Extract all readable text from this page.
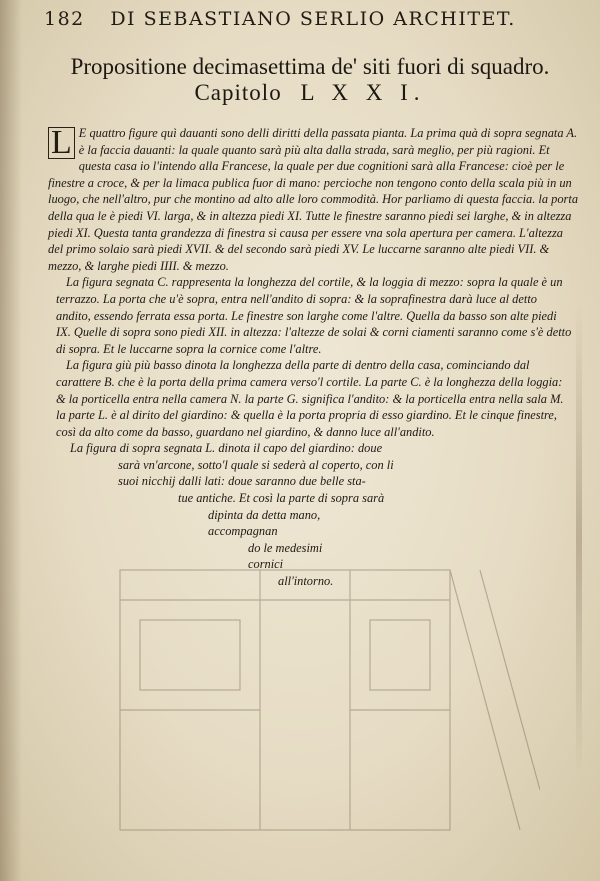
182 DI SEBASTIANO SERLIO ARCHITET.
Propositione decimasettima de' siti fuori di squadro.
Capitolo L X X I.

L E quattro figure quì dauanti sono delli diritti della passata pianta. La prima quà di sopra segnata A. è la faccia dauanti: la quale quanto sarà più alta dalla strada, sarà meglio, per più ragioni. Et questa casa io l'intendo alla Francese, la quale per due cognitioni sarà alla Francese: cioè per le finestre a croce, & per la limaca publica fuor di mano: percioche non tengono conto della scala più in un luogo, che nell'altro, pur che montino ad alto alle loro commodità. Hor parliamo di questa faccia. la porta della qua le è piedi VI. larga, & in altezza piedi XI. Tutte le finestre saranno piedi sei larghe, & in altezza piedi XI. Questa tanta grandezza di finestra si causa per essere vna sola apertura per camera. L'altezza del primo solaio sarà piedi XVII. & del secondo sarà piedi XV. Le luccarne saranno alte piedi VII. & mezzo, & larghe piedi IIII. & mezzo.

La figura segnata C. rappresenta la longhezza del cortile, & la loggia di mezzo: sopra la quale è un terrazzo. La porta che u'è sopra, entra nell'andito di sopra: & la soprafinestra darà luce al detto andito, essendo ferrata essa porta. Le finestre son larghe come l'altre. Quella da basso son alte piedi IX. Quelle di sopra sono piedi XII. in altezza: l'altezze de solai & corni ciamenti saranno come s'è detto di sopra. Et le luccarne sopra la cornice come l'altre.

La figura giù più basso dinota la longhezza della parte di dentro della casa, cominciando dal carattere B. che è la porta della prima camera verso'l cortile. La parte C. è la longhezza della loggia: & la porticella entra nella camera N. la parte G. significa l'andito: & la porticella entra nella sala M. la parte L. è al dirito del giardino: & quella è la porta propria di esso giardino. Et le cinque finestre, così da alto come da basso, guardano nel giardino, & danno luce all'andito.

La figura di sopra segnata L. dinota il capo del giardino: doue
sarà vn'arcone, sotto'l quale si sederà al coperto, con li
suoi nicchij dalli lati: doue saranno due belle sta-
tue antiche. Et così la parte di sopra sarà
dipinta da detta mano, accompagnan
do le medesimi cornici
all'intorno.
